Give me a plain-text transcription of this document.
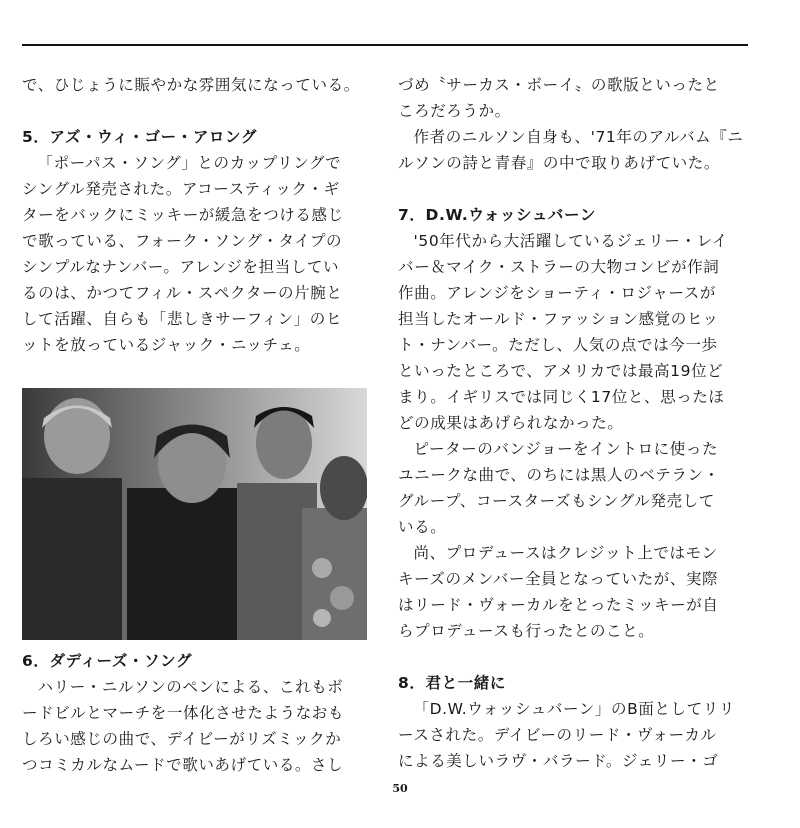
で、ひじょうに賑やかな雰囲気になっている。

5．アズ・ウィ・ゴー・アロング

「ポーパス・ソング」とのカップリングで

シングル発売された。アコースティック・ギ

ターをバックにミッキーが緩急をつける感じ

で歌っている、フォーク・ソング・タイプの

シンプルなナンバー。アレンジを担当してい

るのは、かつてフィル・スペクターの片腕と

して活躍、自らも「悲しきサーフィン」のヒ

ットを放っているジャック・ニッチェ。

6．ダディーズ・ソング

ハリー・ニルソンのペンによる、これもボ

ードビルとマーチを一体化させたようなおも

しろい感じの曲で、デイビーがリズミックか

つコミカルなムードで歌いあげている。さし

づめ〝サーカス・ボーイ〟の歌版といったと

ころだろうか。

作者のニルソン自身も、'71年のアルバム『ニ

ルソンの詩と青春』の中で取りあげていた。

7．D.W.ウォッシュバーン

'50年代から大活躍しているジェリー・レイ

バー＆マイク・ストラーの大物コンビが作詞

作曲。アレンジをショーティ・ロジャースが

担当したオールド・ファッション感覚のヒッ

ト・ナンバー。ただし、人気の点では今一歩

といったところで、アメリカでは最高19位ど

まり。イギリスでは同じく17位と、思ったほ

どの成果はあげられなかった。

ピーターのバンジョーをイントロに使った

ユニークな曲で、のちには黒人のベテラン・

グループ、コースターズもシングル発売して

いる。

尚、プロデュースはクレジット上ではモン

キーズのメンバー全員となっていたが、実際

はリード・ヴォーカルをとったミッキーが自

らプロデュースも行ったとのこと。

8．君と一緒に

「D.W.ウォッシュバーン」のB面としてリリ

ースされた。デイビーのリード・ヴォーカル

による美しいラヴ・バラード。ジェリー・ゴ

50
